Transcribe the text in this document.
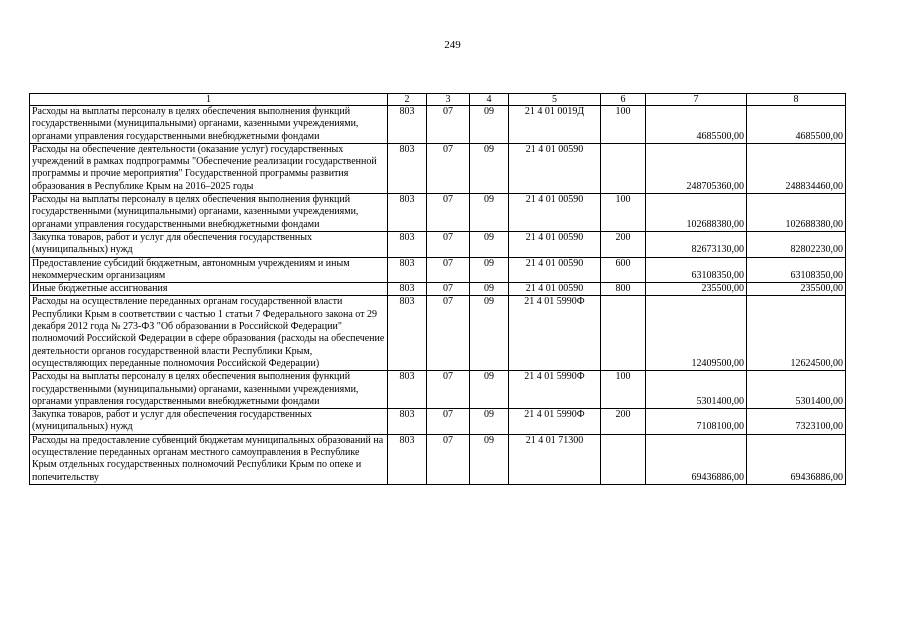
249
1	2	3	4	5	6	7	8
Расходы на выплаты персоналу в целях обеспечения выполнения функций государственными (муниципальными) органами, казенными учреждениями, органами управления государственными внебюджетными фондами	803	07	09	21 4 01 0019Д	100	4685500,00	4685500,00
Расходы на обеспечение деятельности (оказание услуг) государственных учреждений в рамках подпрограммы "Обеспечение реализации государственной программы и прочие мероприятия" Государственной программы развития образования в Республике Крым на 2016–2025 годы	803	07	09	21 4 01 00590		248705360,00	248834460,00
Расходы на выплаты персоналу в целях обеспечения выполнения функций государственными (муниципальными) органами, казенными учреждениями, органами управления государственными внебюджетными фондами	803	07	09	21 4 01 00590	100	102688380,00	102688380,00
Закупка товаров, работ и услуг для обеспечения государственных (муниципальных) нужд	803	07	09	21 4 01 00590	200	82673130,00	82802230,00
Предоставление субсидий бюджетным, автономным учреждениям и иным некоммерческим организациям	803	07	09	21 4 01 00590	600	63108350,00	63108350,00
Иные бюджетные ассигнования	803	07	09	21 4 01 00590	800	235500,00	235500,00
Расходы на осуществление переданных органам государственной власти Республики Крым в соответствии с частью 1 статьи 7 Федерального закона от 29 декабря 2012 года № 273-ФЗ "Об образовании в Российской Федерации" полномочий Российской Федерации в сфере образования (расходы на обеспечение деятельности органов государственной власти Республики Крым, осуществляющих переданные полномочия Российской Федерации)	803	07	09	21 4 01 5990Ф		12409500,00	12624500,00
Расходы на выплаты персоналу в целях обеспечения выполнения функций государственными (муниципальными) органами, казенными учреждениями, органами управления государственными внебюджетными фондами	803	07	09	21 4 01 5990Ф	100	5301400,00	5301400,00
Закупка товаров, работ и услуг для обеспечения государственных (муниципальных) нужд	803	07	09	21 4 01 5990Ф	200	7108100,00	7323100,00
Расходы на предоставление субвенций бюджетам муниципальных образований на осуществление переданных органам местного самоуправления в Республике Крым отдельных государственных полномочий Республики Крым по опеке и попечительству	803	07	09	21 4 01 71300		69436886,00	69436886,00
